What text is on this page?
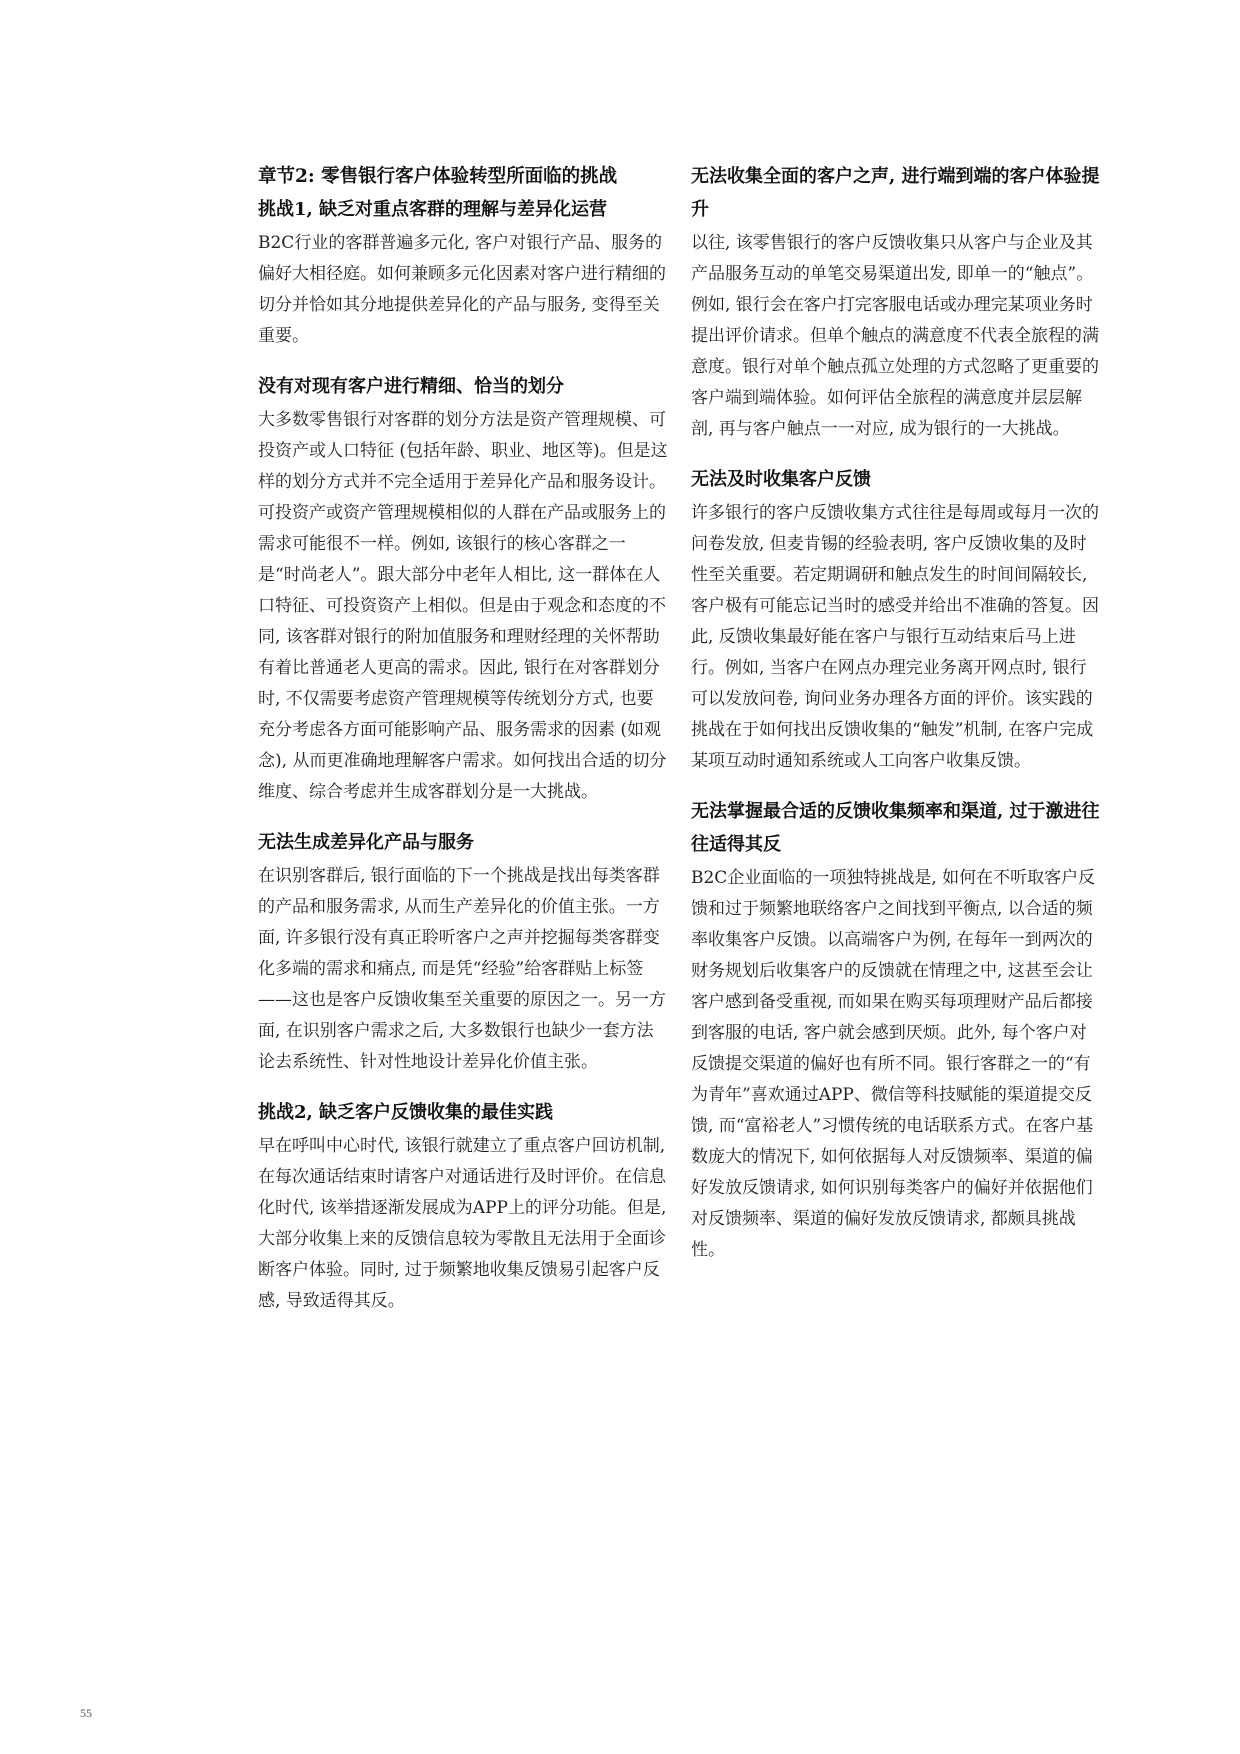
章节2: 零售银行客户体验转型所面临的挑战
挑战1, 缺乏对重点客群的理解与差异化运营

B2C行业的客群普遍多元化, 客户对银行产品、服务的偏好大相径庭。如何兼顾多元化因素对客户进行精细的切分并恰如其分地提供差异化的产品与服务, 变得至关重要。

没有对现有客户进行精细、恰当的划分

大多数零售银行对客群的划分方法是资产管理规模、可投资产或人口特征 (包括年龄、职业、地区等)。但是这样的划分方式并不完全适用于差异化产品和服务设计。可投资产或资产管理规模相似的人群在产品或服务上的需求可能很不一样。例如, 该银行的核心客群之一是“时尚老人”。跟大部分中老年人相比, 这一群体在人口特征、可投资资产上相似。但是由于观念和态度的不同, 该客群对银行的附加值服务和理财经理的关怀帮助有着比普通老人更高的需求。因此, 银行在对客群划分时, 不仅需要考虑资产管理规模等传统划分方式, 也要充分考虑各方面可能影响产品、服务需求的因素 (如观念), 从而更准确地理解客户需求。如何找出合适的切分维度、综合考虑并生成客群划分是一大挑战。

无法生成差异化产品与服务

在识别客群后, 银行面临的下一个挑战是找出每类客群的产品和服务需求, 从而生产差异化的价值主张。一方面, 许多银行没有真正聆听客户之声并挖掘每类客群变化多端的需求和痛点, 而是凭“经验”给客群贴上标签——这也是客户反馈收集至关重要的原因之一。另一方面, 在识别客户需求之后, 大多数银行也缺少一套方法论去系统性、针对性地设计差异化价值主张。

挑战2, 缺乏客户反馈收集的最佳实践

早在呼叫中心时代, 该银行就建立了重点客户回访机制, 在每次通话结束时请客户对通话进行及时评价。在信息化时代, 该举措逐渐发展成为APP上的评分功能。但是, 大部分收集上来的反馈信息较为零散且无法用于全面诊断客户体验。同时, 过于频繁地收集反馈易引起客户反感, 导致适得其反。

无法收集全面的客户之声, 进行端到端的客户体验提升

以往, 该零售银行的客户反馈收集只从客户与企业及其产品服务互动的单笔交易渠道出发, 即单一的“触点”。例如, 银行会在客户打完客服电话或办理完某项业务时提出评价请求。但单个触点的满意度不代表全旅程的满意度。银行对单个触点孤立处理的方式忽略了更重要的客户端到端体验。如何评估全旅程的满意度并层层解剖, 再与客户触点一一对应, 成为银行的一大挑战。

无法及时收集客户反馈

许多银行的客户反馈收集方式往往是每周或每月一次的问卷发放, 但麦肯锡的经验表明, 客户反馈收集的及时性至关重要。若定期调研和触点发生的时间间隔较长, 客户极有可能忘记当时的感受并给出不准确的答复。因此, 反馈收集最好能在客户与银行互动结束后马上进行。例如, 当客户在网点办理完业务离开网点时, 银行可以发放问卷, 询问业务办理各方面的评价。该实践的挑战在于如何找出反馈收集的“触发”机制, 在客户完成某项互动时通知系统或人工向客户收集反馈。

无法掌握最合适的反馈收集频率和渠道, 过于激进往往适得其反

B2C企业面临的一项独特挑战是, 如何在不听取客户反馈和过于频繁地联络客户之间找到平衡点, 以合适的频率收集客户反馈。以高端客户为例, 在每年一到两次的财务规划后收集客户的反馈就在情理之中, 这甚至会让客户感到备受重视, 而如果在购买每项理财产品后都接到客服的电话, 客户就会感到厌烦。此外, 每个客户对反馈提交渠道的偏好也有所不同。银行客群之一的“有为青年”喜欢通过APP、微信等科技赋能的渠道提交反馈, 而“富裕老人”习惯传统的电话联系方式。在客户基数庞大的情况下, 如何依据每人对反馈频率、渠道的偏好发放反馈请求, 如何识别每类客户的偏好并依据他们对反馈频率、渠道的偏好发放反馈请求, 都颇具挑战性。

55
